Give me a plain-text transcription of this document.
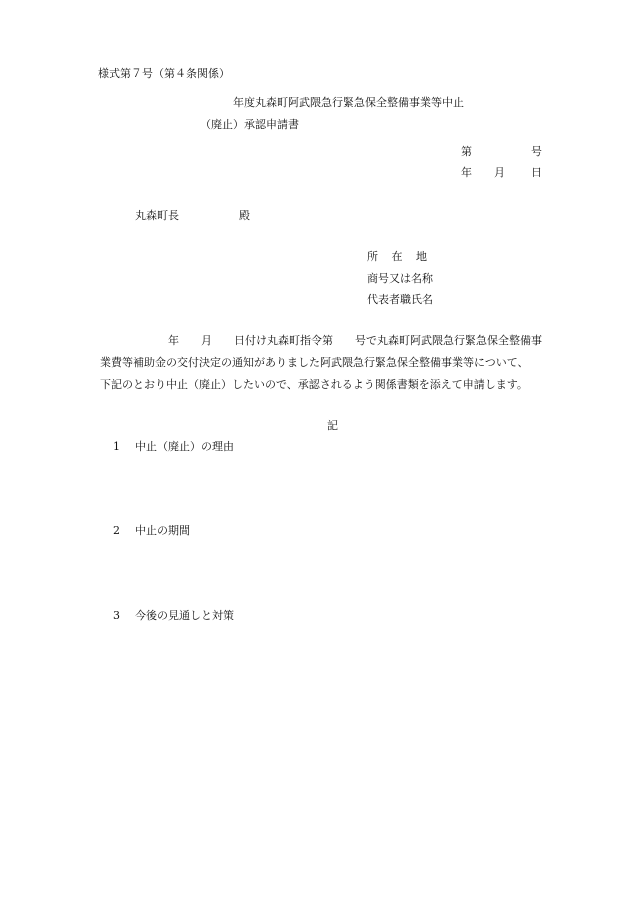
様式第７号（第４条関係）
年度丸森町阿武隈急行緊急保全整備事業等中止
（廃止）承認申請書
第	号
年 月 日
丸森町長	殿
所 在 地
商号又は名称
代表者職氏名
年　　月　　日付け丸森町指令第　　号で丸森町阿武隈急行緊急保全整備事
業費等補助金の交付決定の通知がありました阿武隈急行緊急保全整備事業等について、
下記のとおり中止（廃止）したいので、承認されるよう関係書類を添えて申請します。
記
1 中止（廃止）の理由
2 中止の期間
3 今後の見通しと対策
